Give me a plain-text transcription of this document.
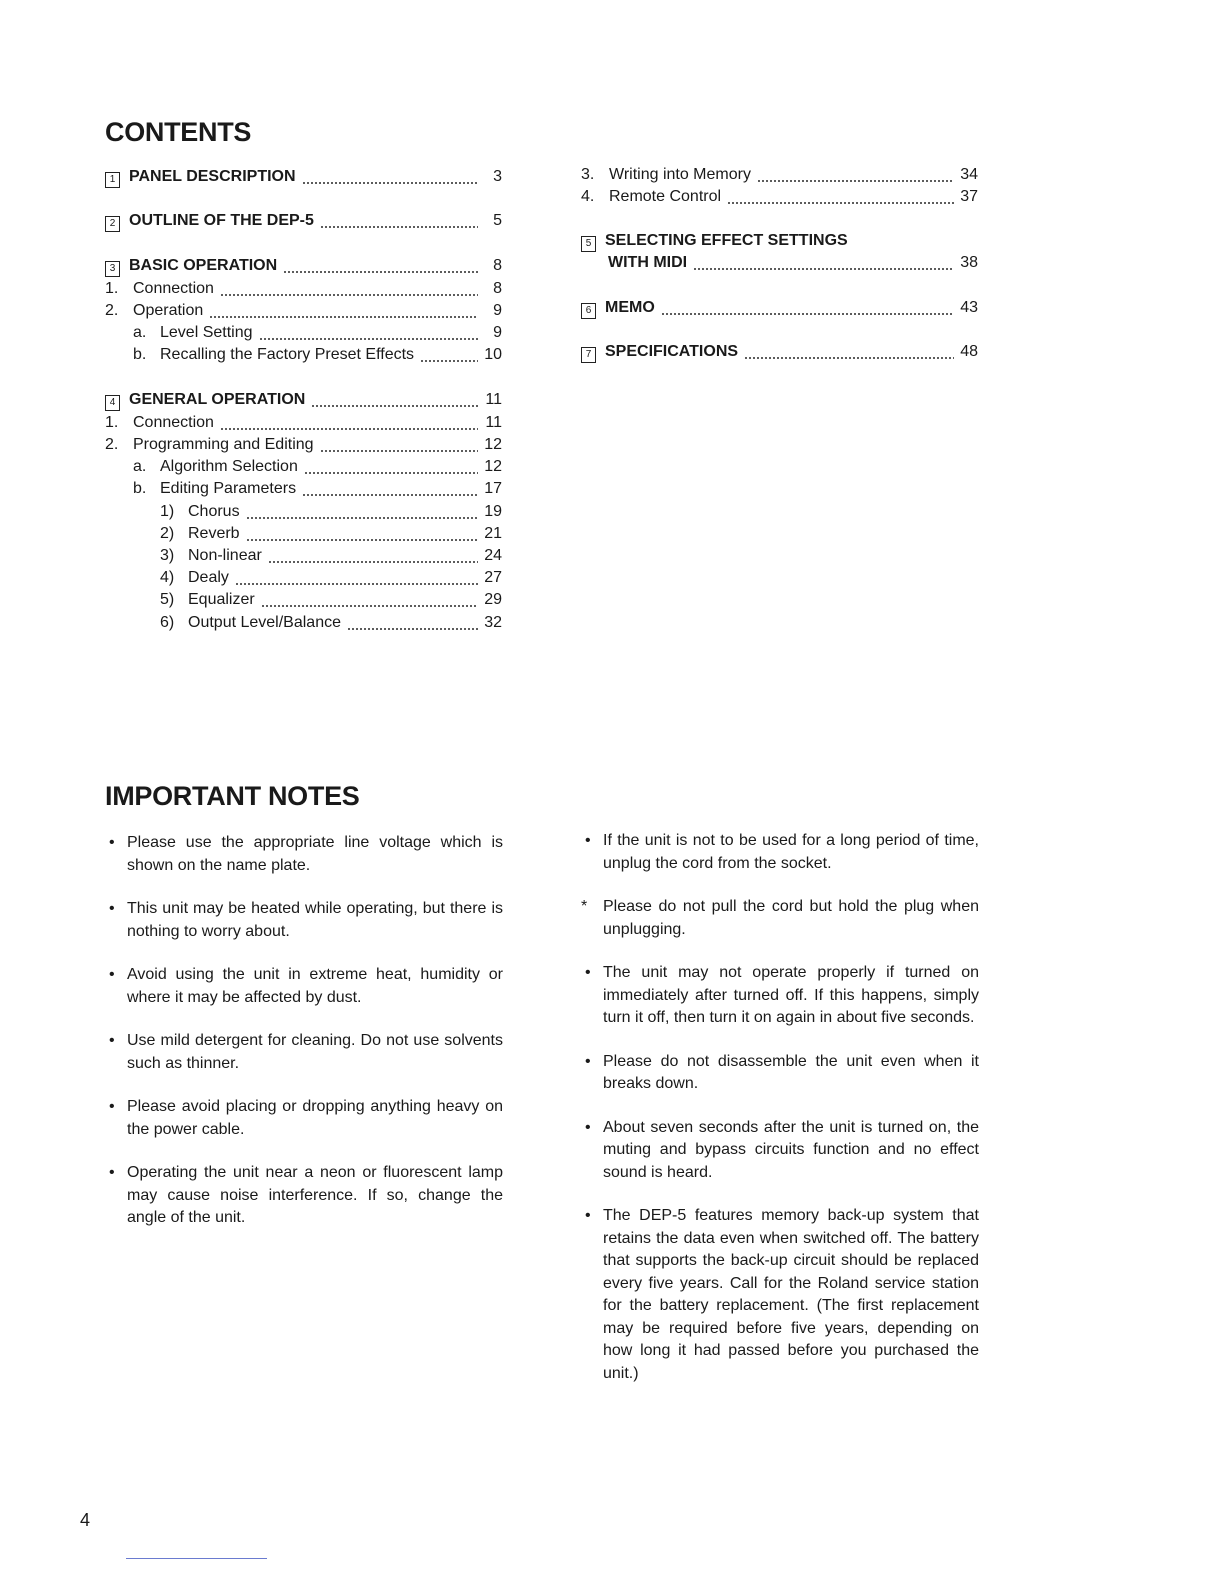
CONTENTS
1 PANEL DESCRIPTION	3
2 OUTLINE OF THE DEP-5	5
3 BASIC OPERATION	8
1. Connection	8
2. Operation	9
a. Level Setting	9
b. Recalling the Factory Preset Effects	10
4 GENERAL OPERATION	11
1. Connection	11
2. Programming and Editing	12
a. Algorithm Selection	12
b. Editing Parameters	17
1) Chorus	19
2) Reverb	21
3) Non-linear	24
4) Dealy	27
5) Equalizer	29
6) Output Level/Balance	32
3. Writing into Memory	34
4. Remote Control	37
5 SELECTING EFFECT SETTINGS
WITH MIDI	38
6 MEMO	43
7 SPECIFICATIONS	48
IMPORTANT NOTES

• Please use the appropriate line voltage which is shown on the name plate.

• This unit may be heated while operating, but there is nothing to worry about.

• Avoid using the unit in extreme heat, humidity or where it may be affected by dust.

• Use mild detergent for cleaning. Do not use solvents such as thinner.

• Please avoid placing or dropping anything heavy on the power cable.

• Operating the unit near a neon or fluorescent lamp may cause noise interference. If so, change the angle of the unit.

• If the unit is not to be used for a long period of time, unplug the cord from the socket.

* Please do not pull the cord but hold the plug when unplugging.

• The unit may not operate properly if turned on immediately after turned off. If this happens, simply turn it off, then turn it on again in about five seconds.

• Please do not disassemble the unit even when it breaks down.

• About seven seconds after the unit is turned on, the muting and bypass circuits function and no effect sound is heard.

• The DEP-5 features memory back-up system that retains the data even when switched off. The battery that supports the back-up circuit should be replaced every five years. Call for the Roland service station for the battery replacement. (The first replacement may be required before five years, depending on how long it had passed before you purchased the unit.)

4
